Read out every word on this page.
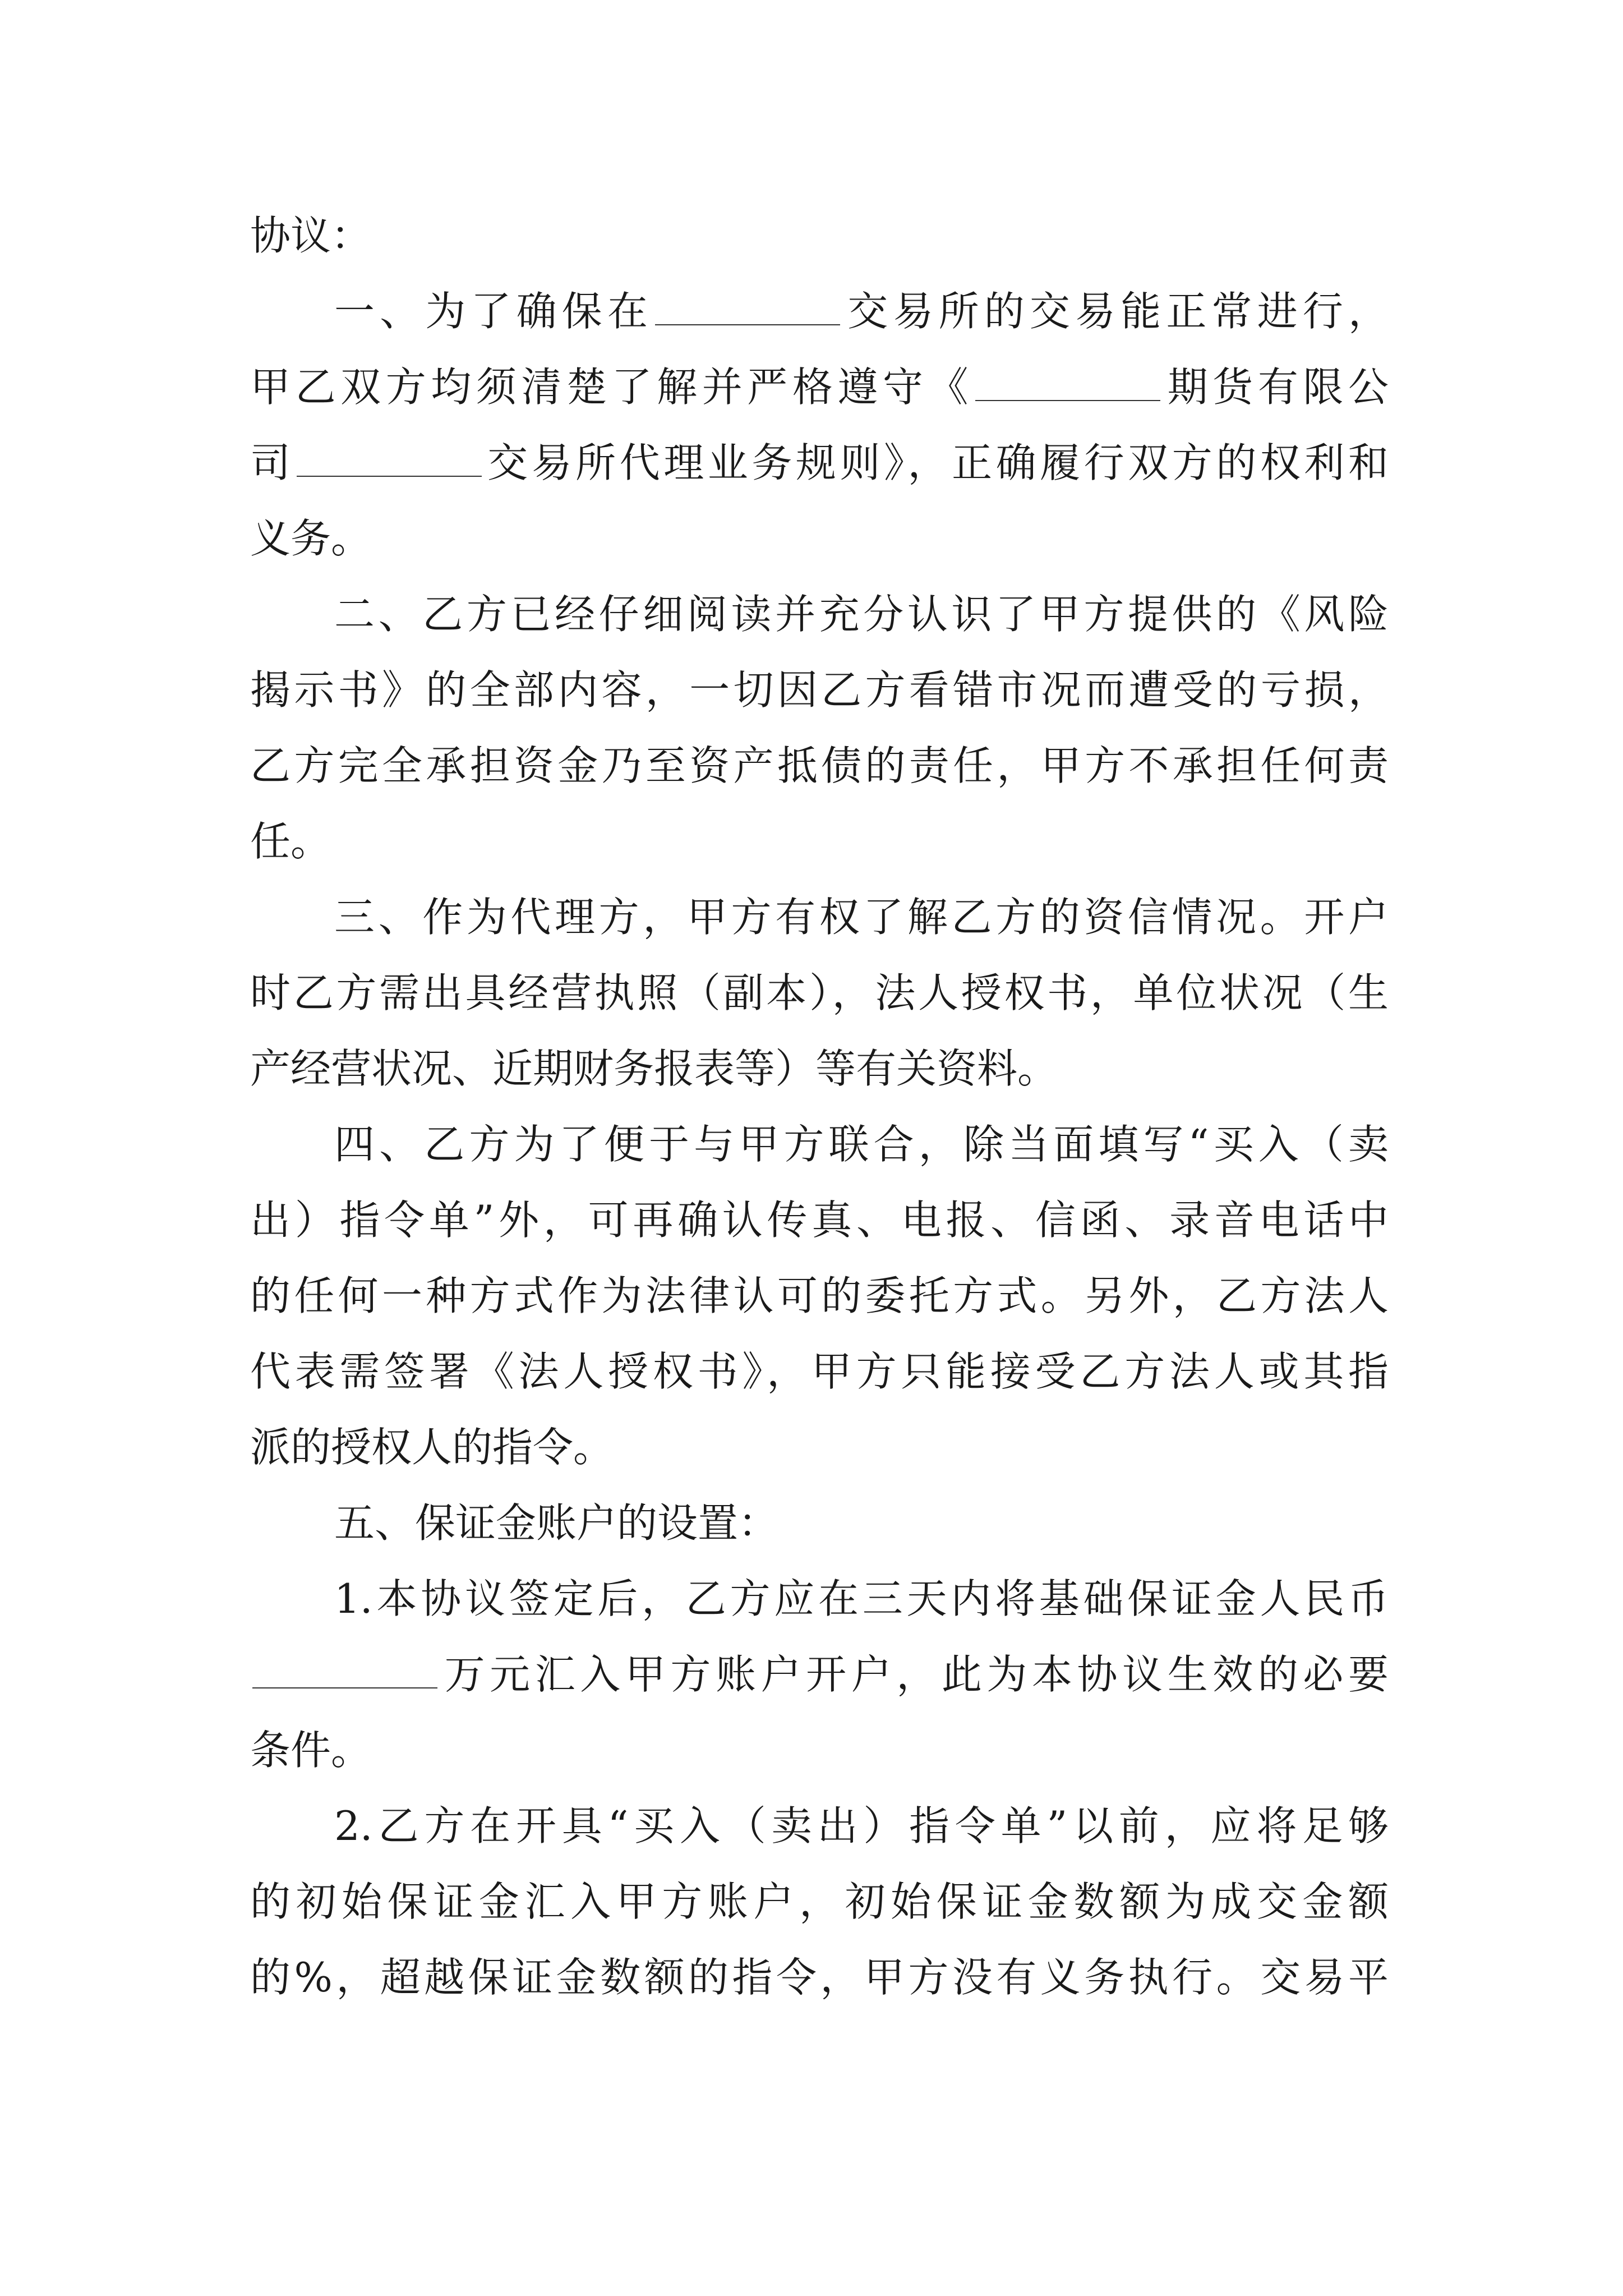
协议：
一、为了确保在	交易所的交易能正常进行，
甲乙双方均须清楚了解并严格遵守《	期货有限公
司	交易所代理业务规则》，正确履行双方的权利和
义务。
二、乙方已经仔细阅读并充分认识了甲方提供的《风险
揭示书》的全部内容，一切因乙方看错市况而遭受的亏损，
乙方完全承担资金乃至资产抵债的责任，甲方不承担任何责
任。
三、作为代理方，甲方有权了解乙方的资信情况。开户
时乙方需出具经营执照（副本），法人授权书，单位状况（生
产经营状况、近期财务报表等）等有关资料。
四、乙方为了便于与甲方联合，除当面填写“买入（卖
出）指令单”外，可再确认传真、电报、信函、录音电话中
的任何一种方式作为法律认可的委托方式。另外，乙方法人
代表需签署《法人授权书》，甲方只能接受乙方法人或其指
派的授权人的指令。
五、保证金账户的设置：
1.本协议签定后，乙方应在三天内将基础保证金人民币
万元汇入甲方账户开户，此为本协议生效的必要
条件。
2.乙方在开具“买入（卖出）指令单”以前，应将足够
的初始保证金汇入甲方账户，初始保证金数额为成交金额
的%，超越保证金数额的指令，甲方没有义务执行。交易平
